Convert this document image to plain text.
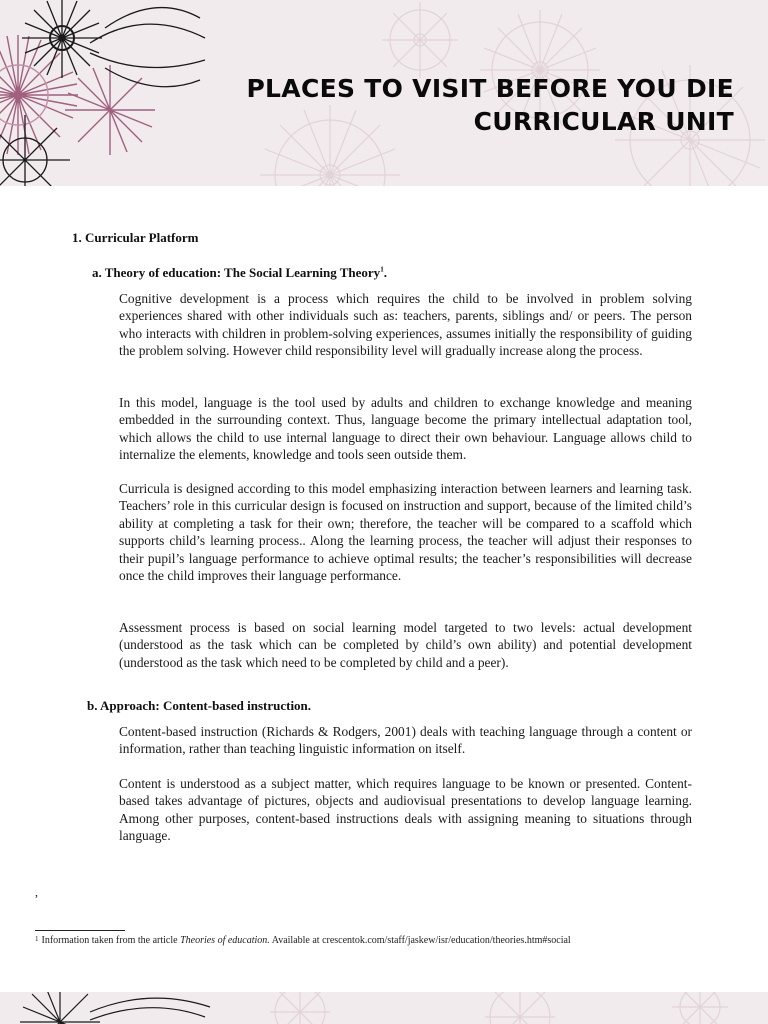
PLACES TO VISIT BEFORE YOU DIE
CURRICULAR UNIT
1. Curricular Platform
a. Theory of education: The Social Learning Theory$^1$.

Cognitive development is a process which requires the child to be involved in problem solving experiences shared with other individuals such as: teachers, parents, siblings and/ or peers. The person who interacts with children in problem-solving experiences, assumes initially the responsibility of guiding the problem solving. However child responsibility level will gradually increase along the process.

In this model, language is the tool used by adults and children to exchange knowledge and meaning embedded in the surrounding context. Thus, language become the primary intellectual adaptation tool, which allows the child to use internal language to direct their own behaviour. Language allows child to internalize the elements, knowledge and tools seen outside them.

Curricula is designed according to this model emphasizing interaction between learners and learning task. Teachers’ role in this curricular design is focused on instruction and support, because of the limited child’s ability at completing a task for their own; therefore, the teacher will be compared to a scaffold which supports child’s learning process.. Along the learning process, the teacher will adjust their responses to their pupil’s language performance to achieve optimal results; the teacher’s responsibilities will decrease once the child improves their language performance.

Assessment process is based on social learning model targeted to two levels: actual development (understood as the task which can be completed by child’s own ability) and potential development (understood as the task which need to be completed by child and a peer).

b. Approach: Content-based instruction.

Content-based instruction (Richards & Rodgers, 2001) deals with teaching language through a content or information, rather than teaching linguistic information on itself.

Content is understood as a subject matter, which requires language to be known or presented. Content-based takes advantage of pictures, objects and audiovisual presentations to develop language learning. Among other purposes, content-based instructions deals with assigning meaning to situations through language.

,
$^1$ Information taken from the article Theories of education. Available at crescentok.com/staff/jaskew/isr/education/theories.htm#social
